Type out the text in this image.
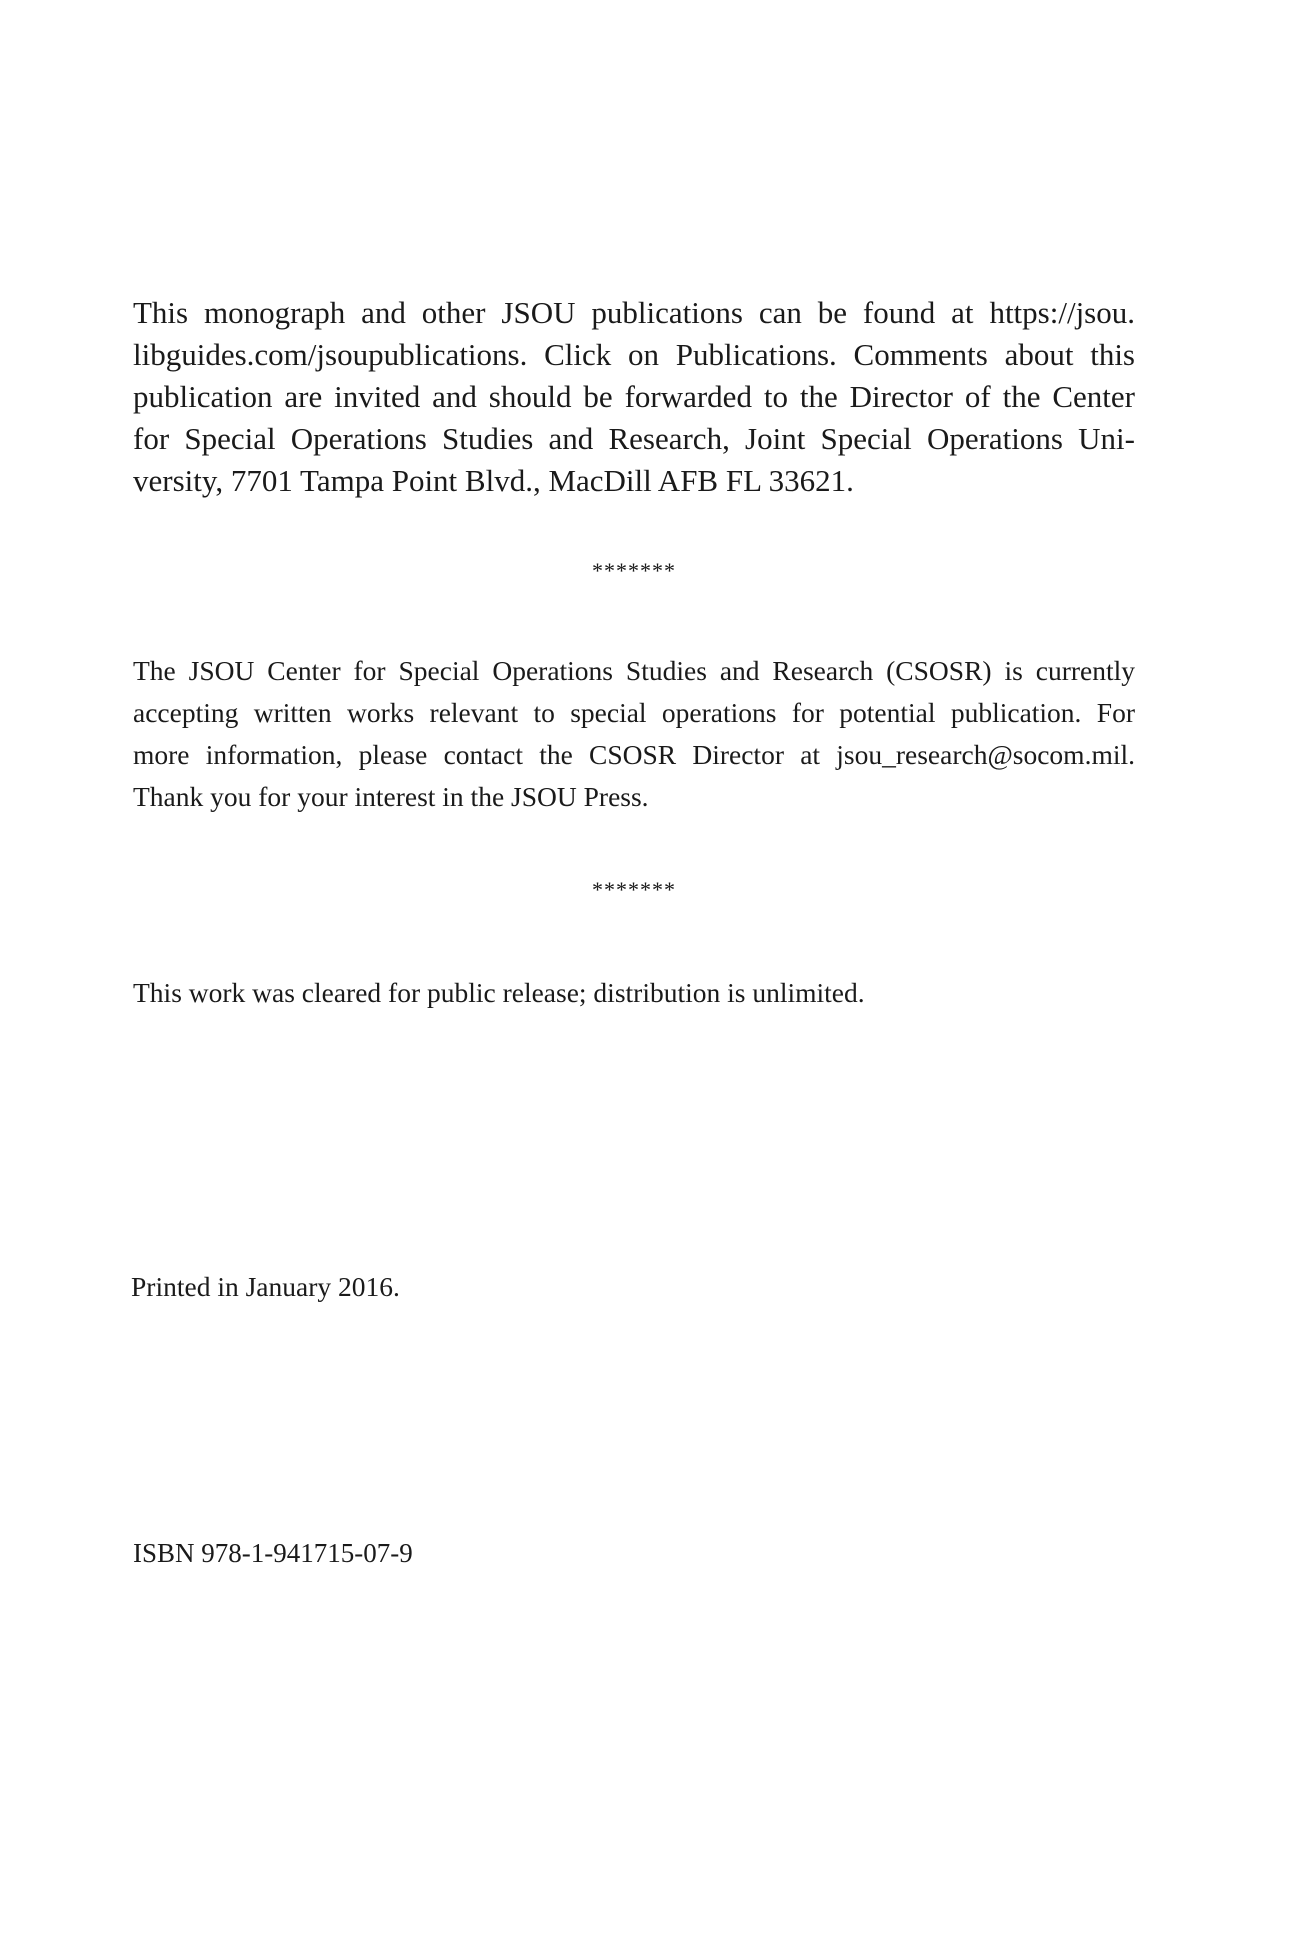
This monograph and other JSOU publications can be found at https://jsou.
libguides.com/jsoupublications. Click on Publications. Comments about this
publication are invited and should be forwarded to the Director of the Center
for Special Operations Studies and Research, Joint Special Operations Uni-
versity, 7701 Tampa Point Blvd., MacDill AFB FL 33621.
*******
The JSOU Center for Special Operations Studies and Research (CSOSR) is currently
accepting written works relevant to special operations for potential publication. For
more information, please contact the CSOSR Director at jsou_research@socom.mil.
Thank you for your interest in the JSOU Press.
*******
This work was cleared for public release; distribution is unlimited.
Printed in January 2016.
ISBN 978-1-941715-07-9
